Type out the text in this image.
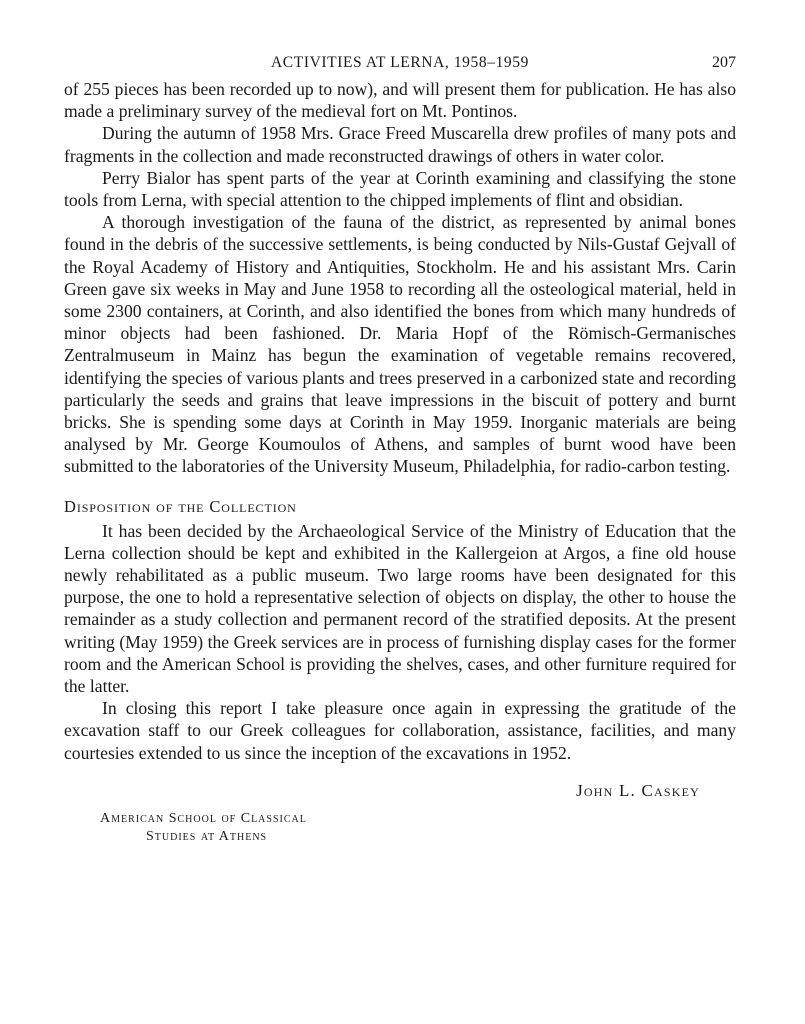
ACTIVITIES AT LERNA, 1958–1959	207

of 255 pieces has been recorded up to now), and will present them for publication. He has also made a preliminary survey of the medieval fort on Mt. Pontinos.

During the autumn of 1958 Mrs. Grace Freed Muscarella drew profiles of many pots and fragments in the collection and made reconstructed drawings of others in water color.

Perry Bialor has spent parts of the year at Corinth examining and classifying the stone tools from Lerna, with special attention to the chipped implements of flint and obsidian.

A thorough investigation of the fauna of the district, as represented by animal bones found in the debris of the successive settlements, is being conducted by Nils-Gustaf Gejvall of the Royal Academy of History and Antiquities, Stockholm. He and his assistant Mrs. Carin Green gave six weeks in May and June 1958 to recording all the osteological material, held in some 2300 containers, at Corinth, and also identified the bones from which many hundreds of minor objects had been fashioned. Dr. Maria Hopf of the Römisch-Germanisches Zentralmuseum in Mainz has begun the examination of vegetable remains recovered, identifying the species of various plants and trees preserved in a carbonized state and recording particularly the seeds and grains that leave impressions in the biscuit of pottery and burnt bricks. She is spending some days at Corinth in May 1959. Inorganic materials are being analysed by Mr. George Koumoulos of Athens, and samples of burnt wood have been submitted to the laboratories of the University Museum, Philadelphia, for radio-carbon testing.

Disposition of the Collection

It has been decided by the Archaeological Service of the Ministry of Education that the Lerna collection should be kept and exhibited in the Kallergeion at Argos, a fine old house newly rehabilitated as a public museum. Two large rooms have been designated for this purpose, the one to hold a representative selection of objects on display, the other to house the remainder as a study collection and permanent record of the stratified deposits. At the present writing (May 1959) the Greek services are in process of furnishing display cases for the former room and the American School is providing the shelves, cases, and other furniture required for the latter.

In closing this report I take pleasure once again in expressing the gratitude of the excavation staff to our Greek colleagues for collaboration, assistance, facilities, and many courtesies extended to us since the inception of the excavations in 1952.

John L. Caskey
American School of Classical
Studies at Athens
